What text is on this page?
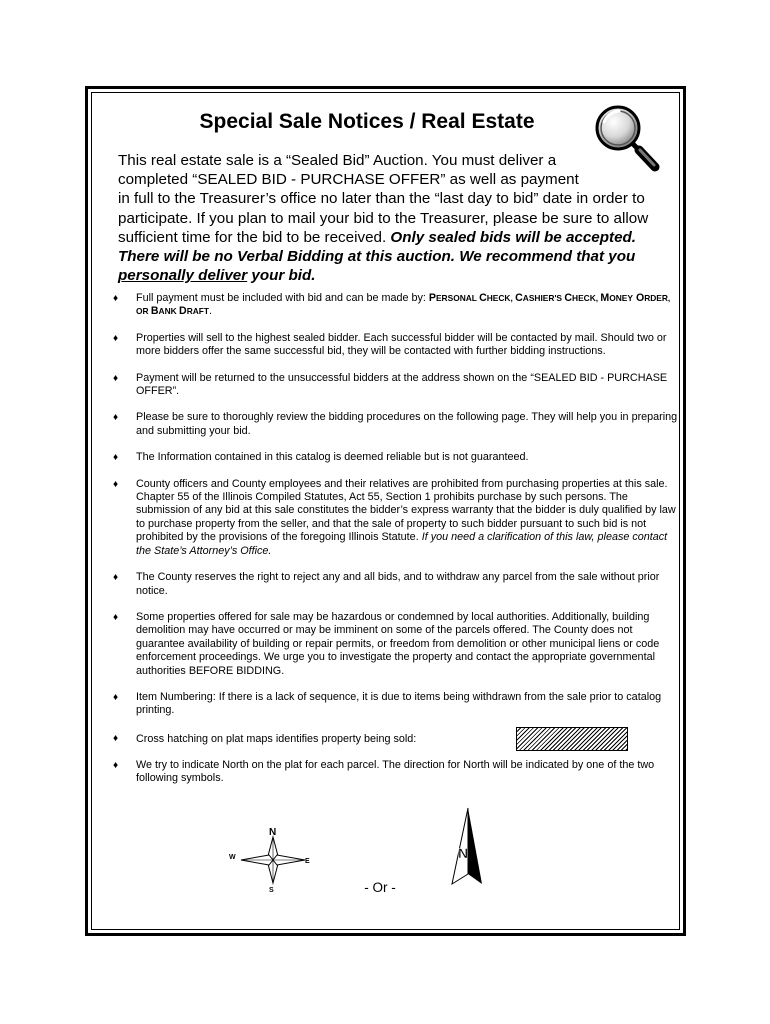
Special Sale Notices / Real Estate

This real estate sale is a “Sealed Bid” Auction. You must deliver a completed “SEALED BID - PURCHASE OFFER” as well as payment
in full to the Treasurer’s office no later than the “last day to bid” date in order to participate. If you plan to mail your bid to the Treasurer, please be sure to allow sufficient time for the bid to be received. Only sealed bids will be accepted. There will be no Verbal Bidding at this auction. We recommend that you personally deliver your bid.

♦ Full payment must be included with bid and can be made by: PERSONAL CHECK, CASHIER'S CHECK, MONEY ORDER, OR BANK DRAFT.

♦ Properties will sell to the highest sealed bidder. Each successful bidder will be contacted by mail. Should two or more bidders offer the same successful bid, they will be contacted with further bidding instructions.

♦ Payment will be returned to the unsuccessful bidders at the address shown on the “SEALED BID - PURCHASE OFFER”.

♦ Please be sure to thoroughly review the bidding procedures on the following page. They will help you in preparing and submitting your bid.

♦ The Information contained in this catalog is deemed reliable but is not guaranteed.

♦ County officers and County employees and their relatives are prohibited from purchasing properties at this sale. Chapter 55 of the Illinois Compiled Statutes, Act 55, Section 1 prohibits purchase by such persons. The submission of any bid at this sale constitutes the bidder’s express warranty that the bidder is duly qualified by law to purchase property from the seller, and that the sale of property to such bidder pursuant to such bid is not prohibited by the provisions of the foregoing Illinois Statute. If you need a clarification of this law, please contact the State’s Attorney’s Office.

♦ The County reserves the right to reject any and all bids, and to withdraw any parcel from the sale without prior notice.

♦ Some properties offered for sale may be hazardous or condemned by local authorities. Additionally, building demolition may have occurred or may be imminent on some of the parcels offered. The County does not guarantee availability of building or repair permits, or freedom from demolition or other municipal liens or code enforcement proceedings. We urge you to investigate the property and contact the appropriate governmental authorities BEFORE BIDDING.

♦ Item Numbering: If there is a lack of sequence, it is due to items being withdrawn from the sale prior to catalog printing.

♦ Cross hatching on plat maps identifies property being sold:

♦ We try to indicate North on the plat for each parcel. The direction for North will be indicated by one of the two following symbols.

N
S
E
W	N
- Or -
